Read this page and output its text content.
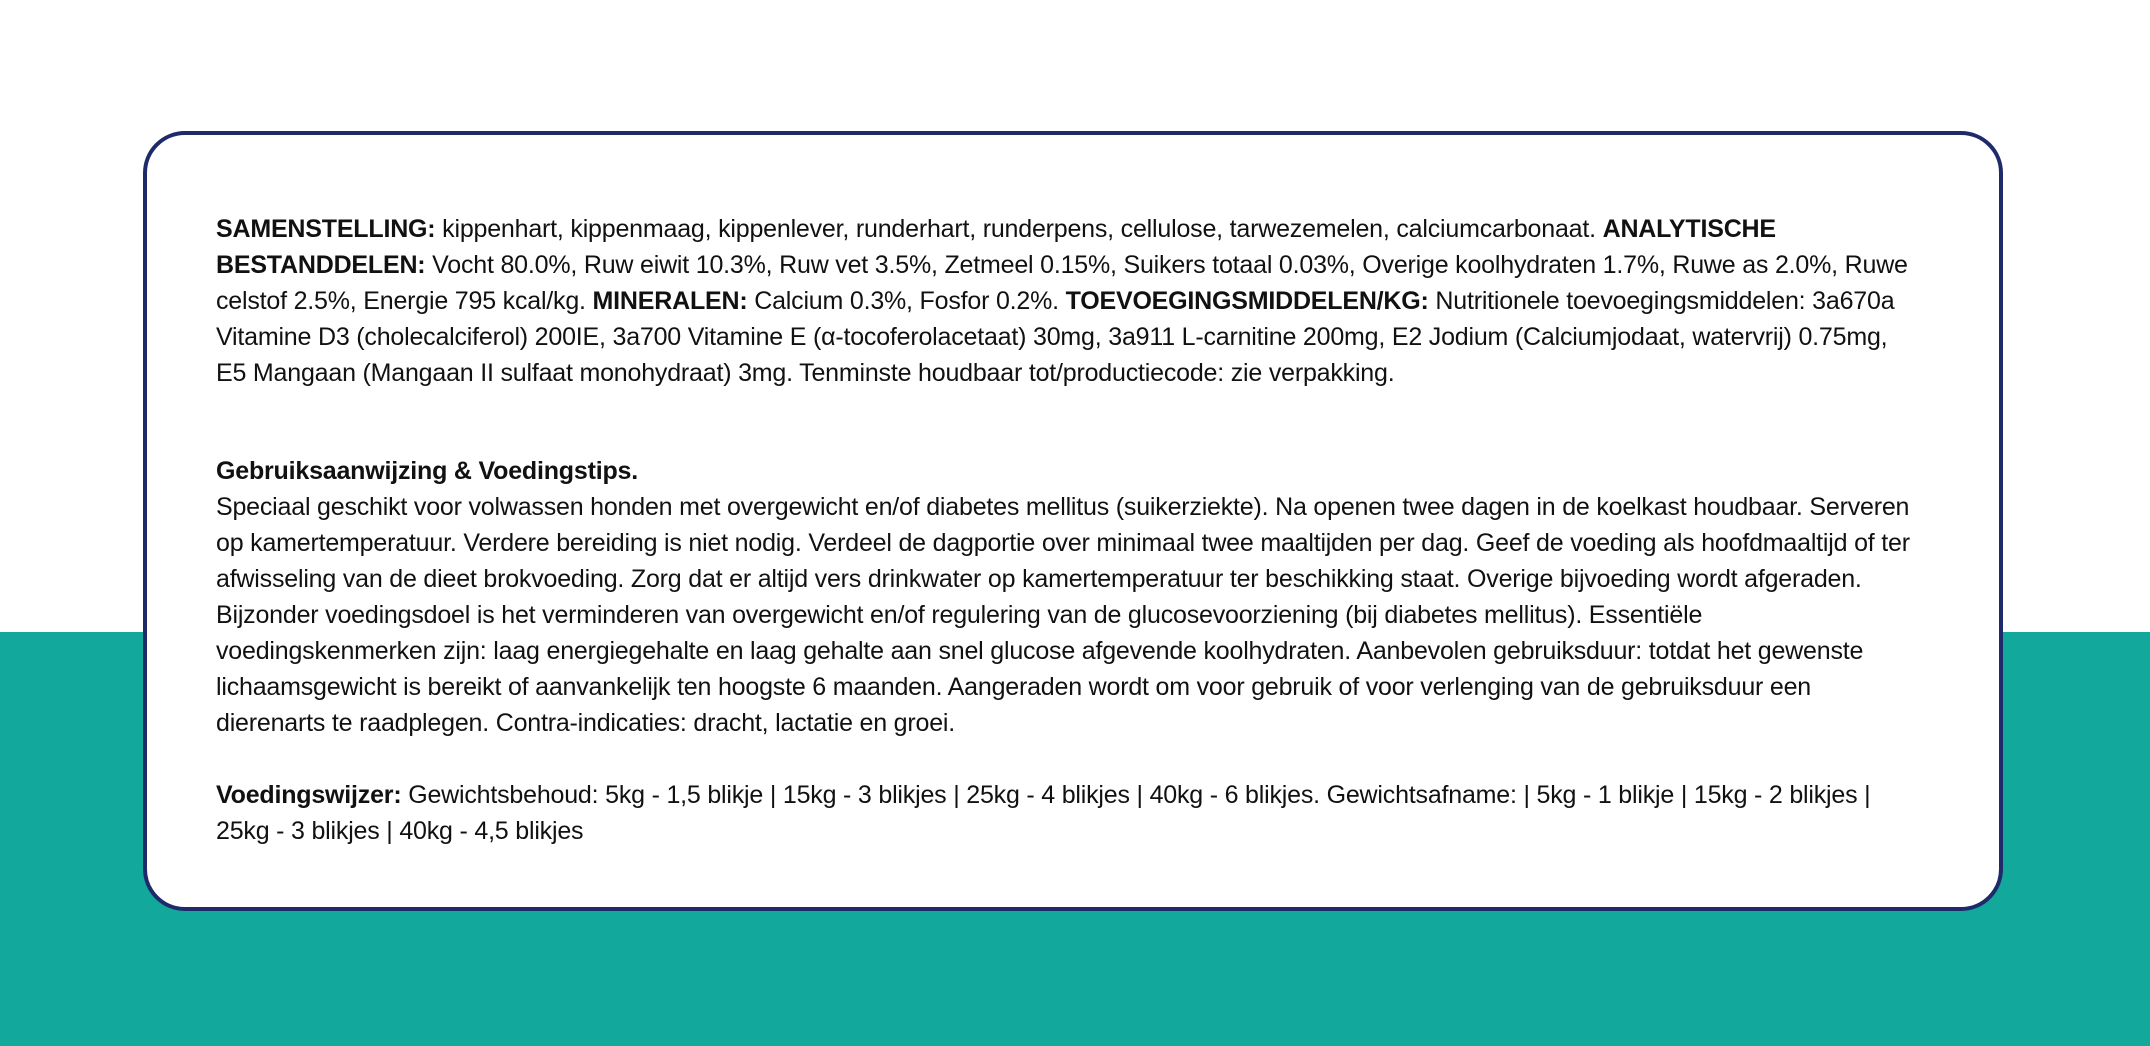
SAMENSTELLING: kippenhart, kippenmaag, kippenlever, runderhart, runderpens, cellulose, tarwezemelen, calciumcarbonaat. ANALYTISCHE BESTANDDELEN: Vocht 80.0%, Ruw eiwit 10.3%, Ruw vet 3.5%, Zetmeel 0.15%, Suikers totaal 0.03%, Overige koolhydraten 1.7%, Ruwe as 2.0%, Ruwe celstof 2.5%, Energie 795 kcal/kg. MINERALEN: Calcium 0.3%, Fosfor 0.2%. TOEVOEGINGSMIDDELEN/KG: Nutritionele toevoegingsmiddelen: 3a670a Vitamine D3 (cholecalciferol) 200IE, 3a700 Vitamine E (α-tocoferolacetaat) 30mg, 3a911 L-carnitine 200mg, E2 Jodium (Calciumjodaat, watervrij) 0.75mg, E5 Mangaan (Mangaan II sulfaat monohydraat) 3mg. Tenminste houdbaar tot/productiecode: zie verpakking.

Gebruiksaanwijzing & Voedingstips.
Speciaal geschikt voor volwassen honden met overgewicht en/of diabetes mellitus (suikerziekte). Na openen twee dagen in de koelkast houdbaar. Serveren op kamertemperatuur. Verdere bereiding is niet nodig. Verdeel de dagportie over minimaal twee maaltijden per dag. Geef de voeding als hoofdmaaltijd of ter afwisseling van de dieet brokvoeding. Zorg dat er altijd vers drinkwater op kamertemperatuur ter beschikking staat. Overige bijvoeding wordt afgeraden. Bijzonder voedingsdoel is het verminderen van overgewicht en/of regulering van de glucosevoorziening (bij diabetes mellitus). Essentiële voedingskenmerken zijn: laag energiegehalte en laag gehalte aan snel glucose afgevende koolhydraten. Aanbevolen gebruiksduur: totdat het gewenste lichaamsgewicht is bereikt of aanvankelijk ten hoogste 6 maanden. Aangeraden wordt om voor gebruik of voor verlenging van de gebruiksduur een dierenarts te raadplegen. Contra-indicaties: dracht, lactatie en groei.

Voedingswijzer: Gewichtsbehoud: 5kg - 1,5 blikje | 15kg - 3 blikjes | 25kg - 4 blikjes | 40kg - 6 blikjes. Gewichtsafname: | 5kg - 1 blikje | 15kg - 2 blikjes | 25kg - 3 blikjes | 40kg - 4,5 blikjes
